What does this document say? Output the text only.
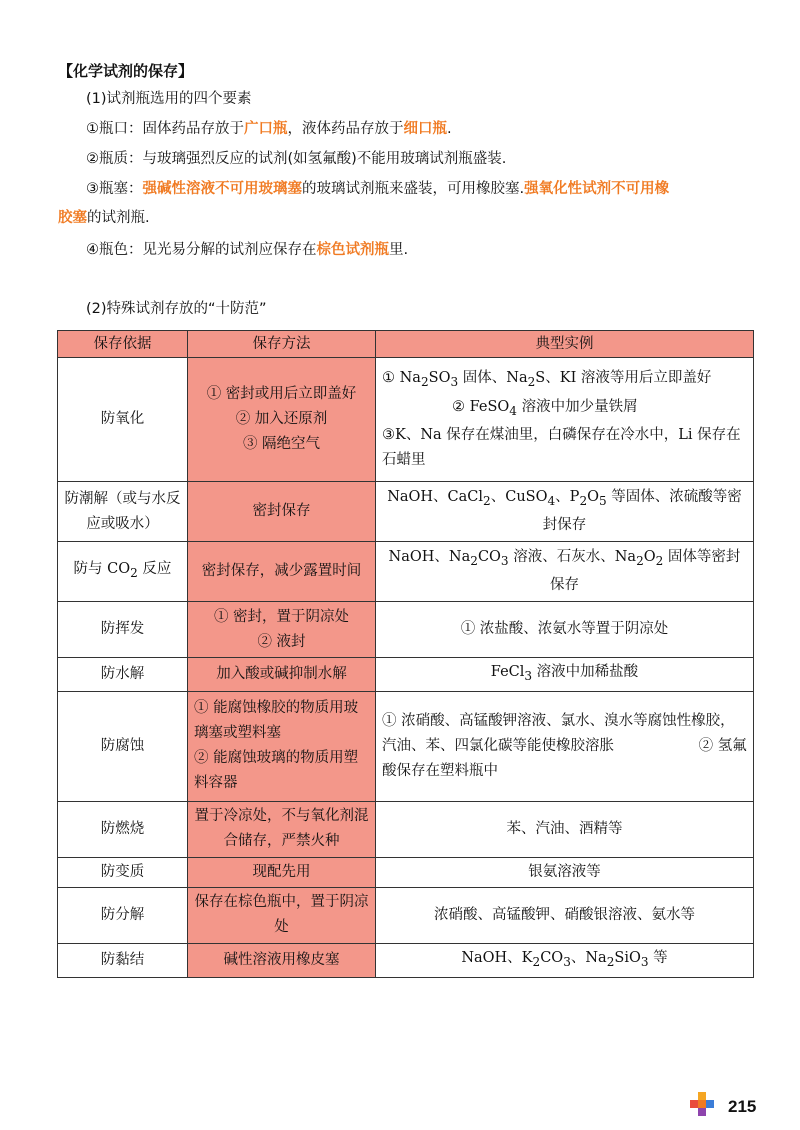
【化学试剂的保存】
(1)试剂瓶选用的四个要素
①瓶口：固体药品存放于广口瓶，液体药品存放于细口瓶.
②瓶质：与玻璃强烈反应的试剂(如氢氟酸)不能用玻璃试剂瓶盛装.
③瓶塞：强碱性溶液不可用玻璃塞的玻璃试剂瓶来盛装，可用橡胶塞.强氧化性试剂不可用橡
胶塞的试剂瓶.
④瓶色：见光易分解的试剂应保存在棕色试剂瓶里.
(2)特殊试剂存放的“十防范”
保存依据	保存方法	典型实例
防氧化	① 密封或用后立即盖好
② 加入还原剂
③ 隔绝空气	① $Na_2SO_3$ 固体、$Na_2S$、KI 溶液等用后立即盖好
② FeSO$_4$ 溶液中加少量铁屑
③K、Na 保存在煤油里，白磷保存在冷水中，Li 保存在石蜡里

防潮解（或与水反应或吸水）	密封保存	NaOH、CaCl$_2$、CuSO$_4$、$P_2O_5$ 等固体、浓硫酸等密封保存
防与 $CO_2$ 反应	密封保存，减少露置时间	NaOH、$Na_2CO_3$ 溶液、石灰水、$Na_2O_2$ 固体等密封保存
防挥发	① 密封，置于阴凉处
② 液封	① 浓盐酸、浓氨水等置于阴凉处
防水解	加入酸或碱抑制水解	FeCl$_3$ 溶液中加稀盐酸
防腐蚀	① 能腐蚀橡胶的物质用玻璃塞或塑料塞
② 能腐蚀玻璃的物质用塑料容器	① 浓硝酸、高锰酸钾溶液、氯水、溴水等腐蚀性橡胶，汽油、苯、四氯化碳等能使橡胶溶胀 ② 氢氟酸保存在塑料瓶中
防燃烧	置于冷凉处，不与氧化剂混合储存，严禁火种	苯、汽油、酒精等
防变质	现配先用	银氨溶液等
防分解	保存在棕色瓶中，置于阴凉处	浓硝酸、高锰酸钾、硝酸银溶液、氨水等
防黏结	碱性溶液用橡皮塞	NaOH、$K_2CO_3$、$Na_2SiO_3$ 等
215
